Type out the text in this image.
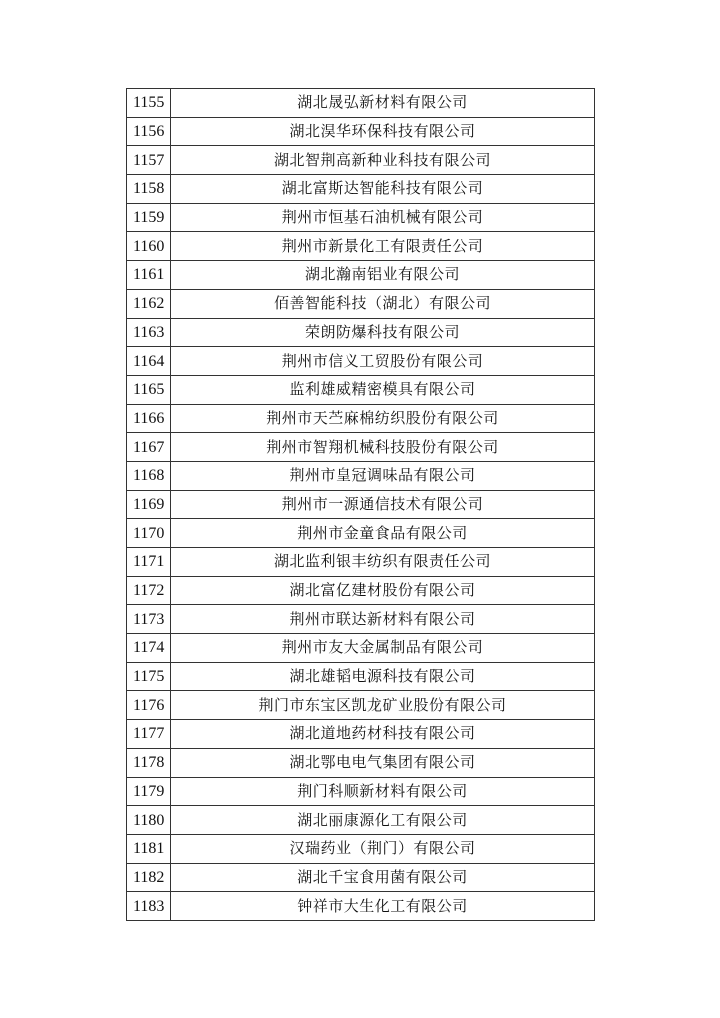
1155	湖北晟弘新材料有限公司
1156	湖北淏华环保科技有限公司
1157	湖北智荆高新种业科技有限公司
1158	湖北富斯达智能科技有限公司
1159	荆州市恒基石油机械有限公司
1160	荆州市新景化工有限责任公司
1161	湖北瀚南铝业有限公司
1162	佰善智能科技（湖北）有限公司
1163	荣朗防爆科技有限公司
1164	荆州市信义工贸股份有限公司
1165	监利雄威精密模具有限公司
1166	荆州市天苎麻棉纺织股份有限公司
1167	荆州市智翔机械科技股份有限公司
1168	荆州市皇冠调味品有限公司
1169	荆州市一源通信技术有限公司
1170	荆州市金童食品有限公司
1171	湖北监利银丰纺织有限责任公司
1172	湖北富亿建材股份有限公司
1173	荆州市联达新材料有限公司
1174	荆州市友大金属制品有限公司
1175	湖北雄韬电源科技有限公司
1176	荆门市东宝区凯龙矿业股份有限公司
1177	湖北道地药材科技有限公司
1178	湖北鄂电电气集团有限公司
1179	荆门科顺新材料有限公司
1180	湖北丽康源化工有限公司
1181	汉瑞药业（荆门）有限公司
1182	湖北千宝食用菌有限公司
1183	钟祥市大生化工有限公司
